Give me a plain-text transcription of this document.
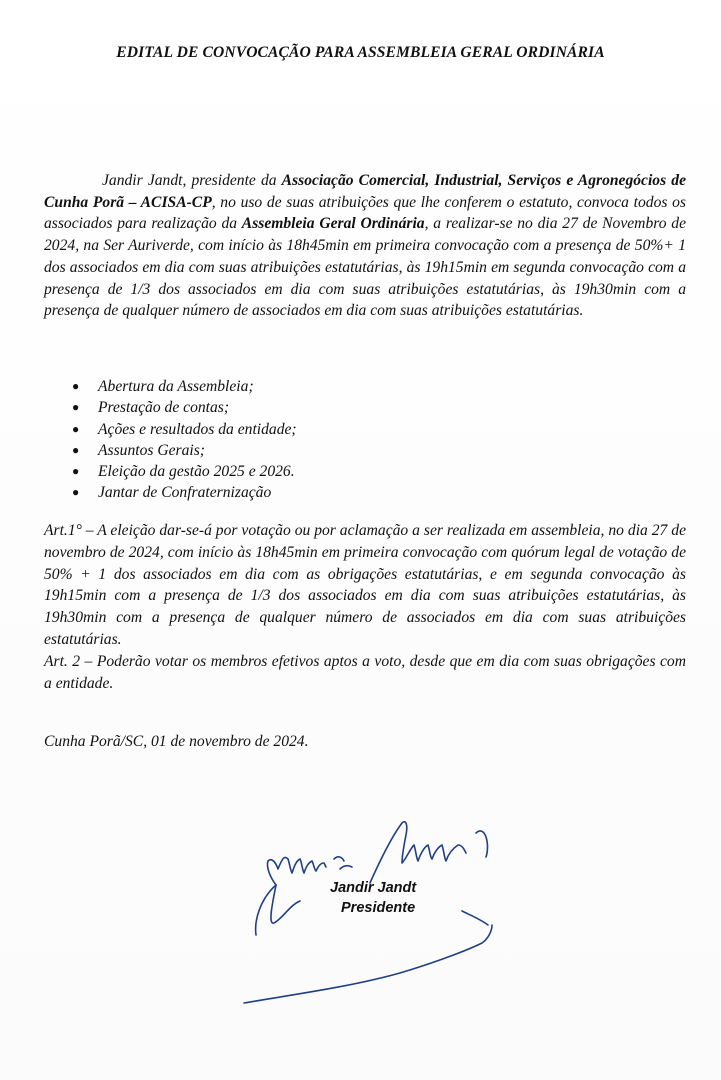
EDITAL DE CONVOCAÇÃO PARA ASSEMBLEIA GERAL ORDINÁRIA

Jandir Jandt, presidente da Associação Comercial, Industrial, Serviços e Agronegócios de Cunha Porã – ACISA-CP, no uso de suas atribuições que lhe conferem o estatuto, convoca todos os associados para realização da Assembleia Geral Ordinária, a realizar-se no dia 27 de Novembro de 2024, na Ser Auriverde, com início às 18h45min em primeira convocação com a presença de 50%+ 1 dos associados em dia com suas atribuições estatutárias, às 19h15min em segunda convocação com a presença de 1/3 dos associados em dia com suas atribuições estatutárias, às 19h30min com a presença de qualquer número de associados em dia com suas atribuições estatutárias.

● Abertura da Assembleia;
● Prestação de contas;
● Ações e resultados da entidade;
● Assuntos Gerais;
● Eleição da gestão 2025 e 2026.
● Jantar de Confraternização

Art.1° – A eleição dar-se-á por votação ou por aclamação a ser realizada em assembleia, no dia 27 de novembro de 2024, com início às 18h45min em primeira convocação com quórum legal de votação de 50% + 1 dos associados em dia com as obrigações estatutárias, e em segunda convocação às 19h15min com a presença de 1/3 dos associados em dia com suas atribuições estatutárias, às 19h30min com a presença de qualquer número de associados em dia com suas atribuições estatutárias.

Art. 2 – Poderão votar os membros efetivos aptos a voto, desde que em dia com suas obrigações com a entidade.

Cunha Porã/SC, 01 de novembro de 2024.
Jandir Jandt
Presidente
